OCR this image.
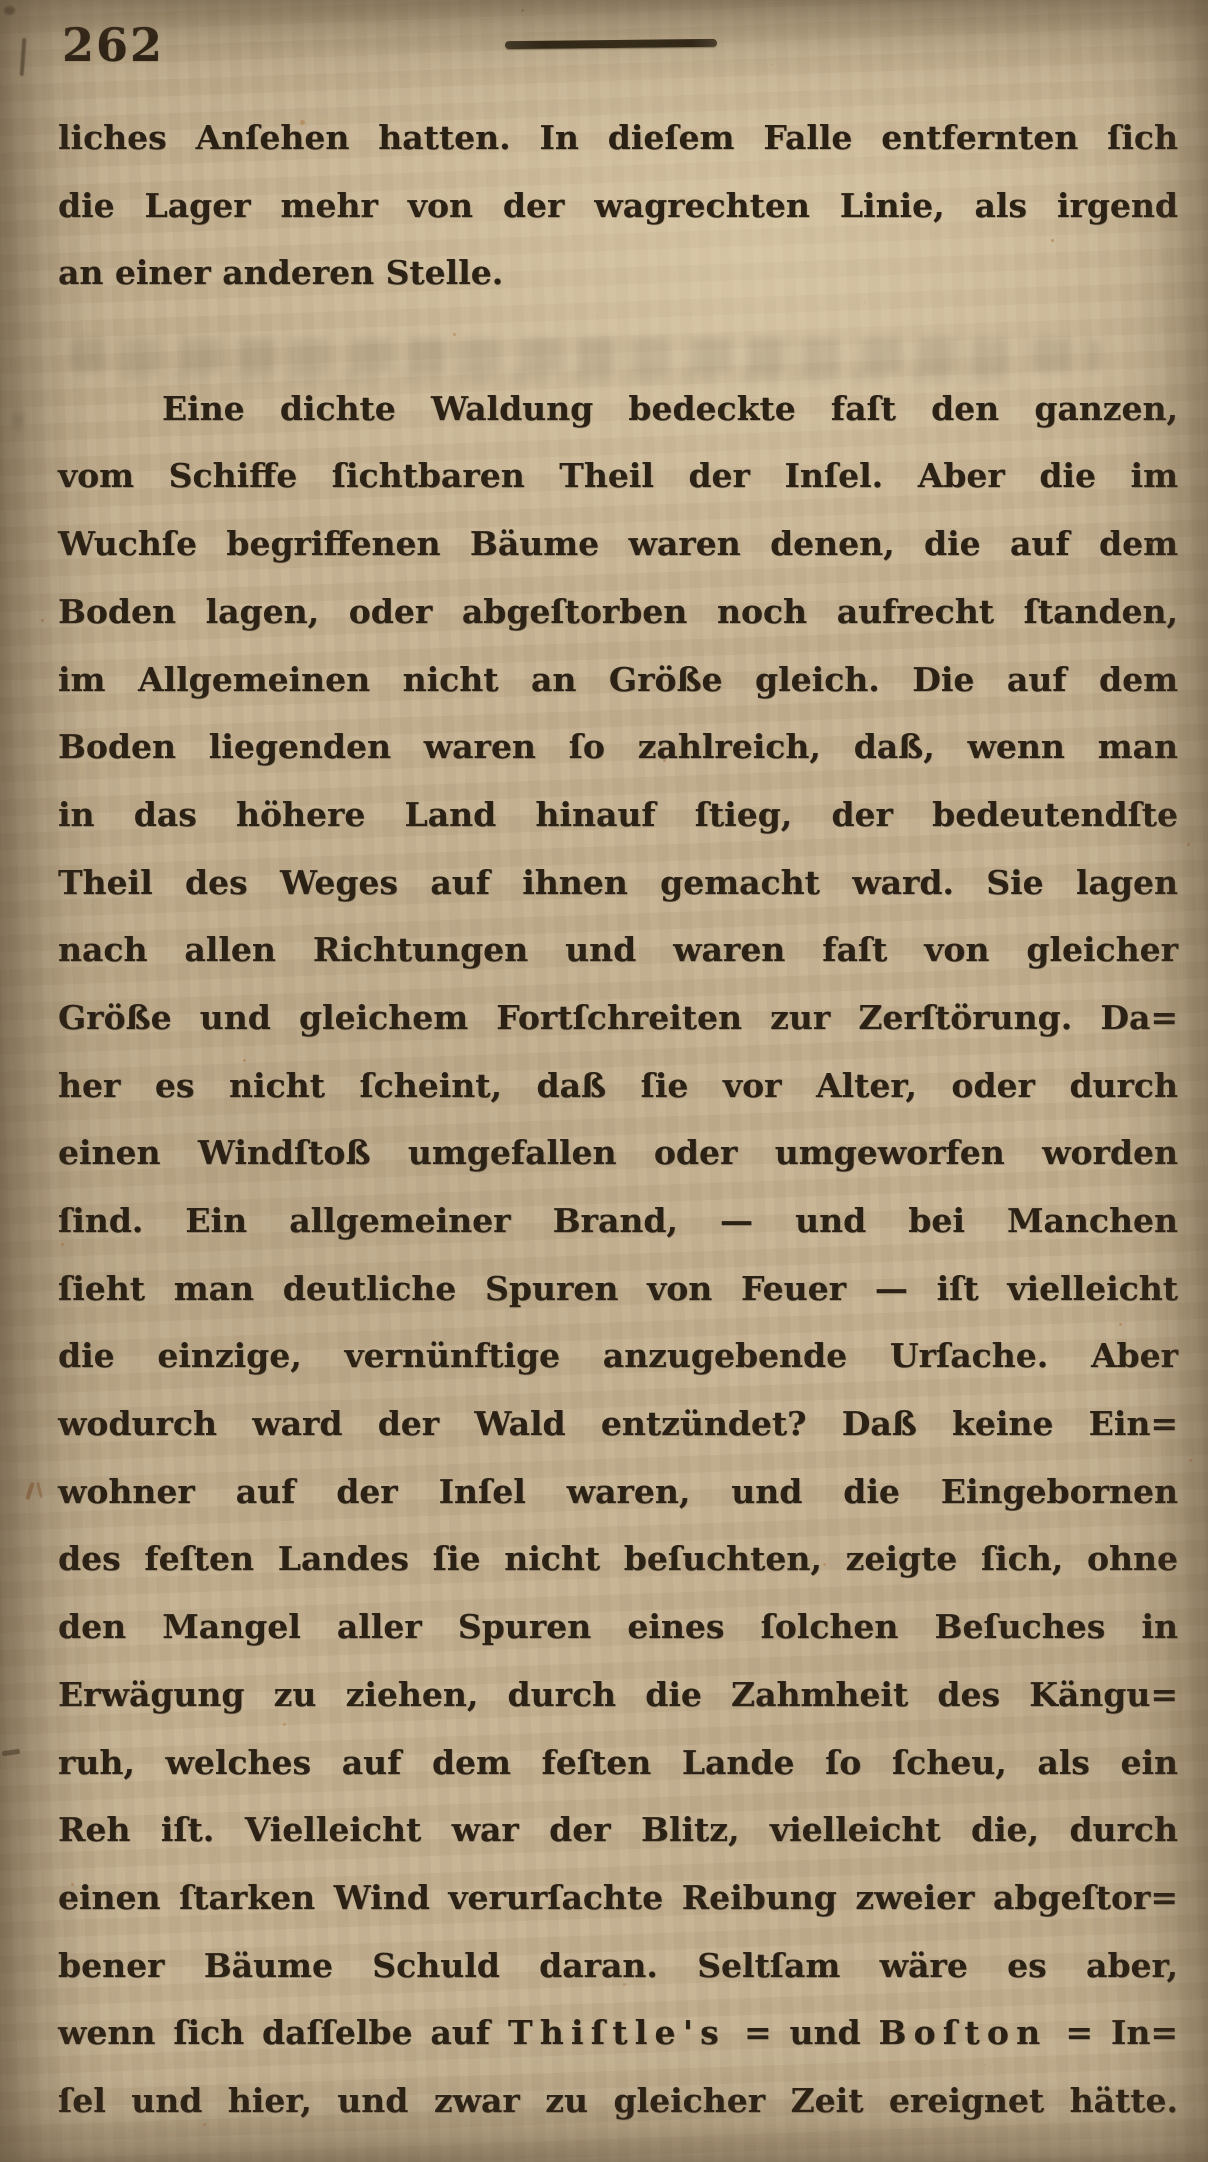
262
liches Anſehen hatten. In dieſem Falle entfernten ſich
die Lager mehr von der wagrechten Linie, als irgend
an einer anderen Stelle.
Eine dichte Waldung bedeckte faſt den ganzen,
vom Schiffe ſichtbaren Theil der Inſel. Aber die im
Wuchſe begriffenen Bäume waren denen, die auf dem
Boden lagen, oder abgeſtorben noch aufrecht ſtanden,
im Allgemeinen nicht an Größe gleich. Die auf dem
Boden liegenden waren ſo zahlreich, daß, wenn man
in das höhere Land hinauf ſtieg, der bedeutendſte
Theil des Weges auf ihnen gemacht ward. Sie lagen
nach allen Richtungen und waren faſt von gleicher
Größe und gleichem Fortſchreiten zur Zerſtörung. Da=
her es nicht ſcheint, daß ſie vor Alter, oder durch
einen Windſtoß umgefallen oder umgeworfen worden
ſind. Ein allgemeiner Brand, — und bei Manchen
ſieht man deutliche Spuren von Feuer — iſt vielleicht
die einzige, vernünftige anzugebende Urſache. Aber
wodurch ward der Wald entzündet? Daß keine Ein=
wohner auf der Inſel waren, und die Eingebornen
des feſten Landes ſie nicht beſuchten, zeigte ſich, ohne
den Mangel aller Spuren eines ſolchen Beſuches in
Erwägung zu ziehen, durch die Zahmheit des Kängu=
ruh, welches auf dem feſten Lande ſo ſcheu, als ein
Reh iſt. Vielleicht war der Blitz, vielleicht die, durch
einen ſtarken Wind verurſachte Reibung zweier abgeſtor=
bener Bäume Schuld daran. Seltſam wäre es aber,
wenn ſich daſſelbe auf Thiſtle's = und Boſton = In=
ſel und hier, und zwar zu gleicher Zeit ereignet hätte.
